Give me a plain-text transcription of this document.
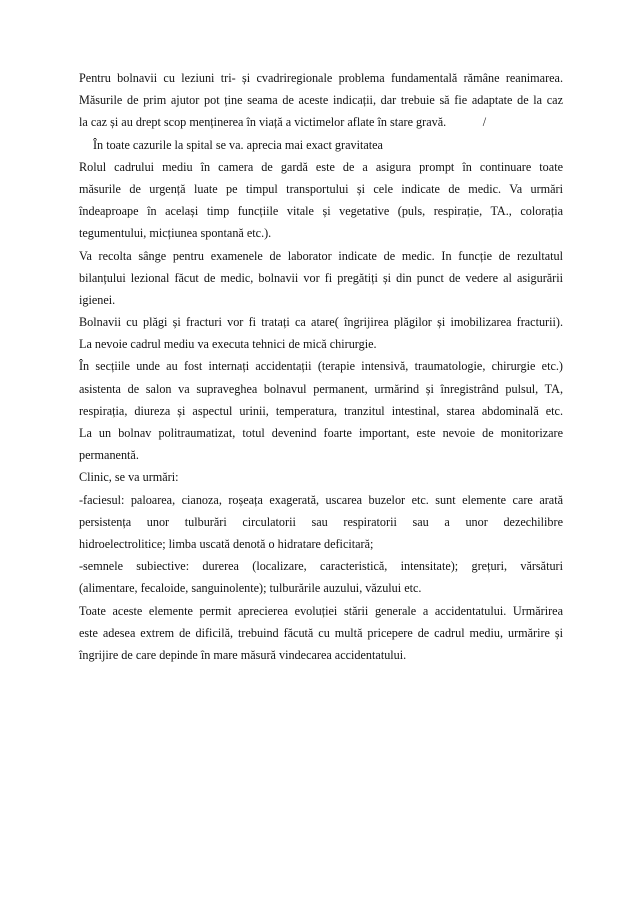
Pentru bolnavii cu leziuni tri- și cvadriregionale problema fundamentală rămâne reanimarea.
Măsurile de prim ajutor pot ține seama de aceste indicații, dar trebuie să fie adaptate de la caz
la caz și au drept scop menținerea în viață a victimelor aflate în stare gravă.            /
În toate cazurile la spital se va. aprecia mai exact gravitatea
Rolul cadrului mediu în camera de gardă este de a asigura prompt în continuare toate
măsurile de urgență luate pe timpul transportului și cele indicate de medic. Va urmări
îndeaproape în același timp funcțiile vitale și vegetative (puls, respirație, TA., colorația
tegumentului, micțiunea spontană etc.).
Va recolta sânge pentru examenele de laborator indicate de medic. In funcție de rezultatul
bilanțului lezional făcut de medic, bolnavii vor fi pregătiți și din punct de vedere al asigurării
igienei.
Bolnavii cu plăgi și fracturi vor fi tratați ca atare( îngrijirea plăgilor și imobilizarea fracturii).
La nevoie cadrul mediu va executa tehnici de mică chirurgie.
În secțiile unde au fost internați accidentații (terapie intensivă, traumatologie, chirurgie etc.)
asistenta de salon va supraveghea bolnavul permanent, urmărind și înregistrând pulsul, TA,
respirația, diureza și aspectul urinii, temperatura, tranzitul intestinal, starea abdominală etc.
La un bolnav politraumatizat, totul devenind foarte important, este nevoie de monitorizare
permanentă.
Clinic, se va urmări:
-faciesul: paloarea, cianoza, roșeața exagerată, uscarea buzelor etc. sunt elemente care arată
persistența unor tulburări circulatorii sau respiratorii sau a unor dezechilibre
hidroelectrolitice; limba uscată denotă o hidratare deficitară;
-semnele subiective: durerea (localizare, caracteristică, intensitate); grețuri, vărsături
(alimentare, fecaloide, sanguinolente); tulburările auzului, văzului etc.
Toate aceste elemente permit aprecierea evoluției stării generale a accidentatului. Urmărirea
este adesea extrem de dificilă, trebuind făcută cu multă pricepere de cadrul mediu, urmărire și
îngrijire de care depinde în mare măsură vindecarea accidentatului.
